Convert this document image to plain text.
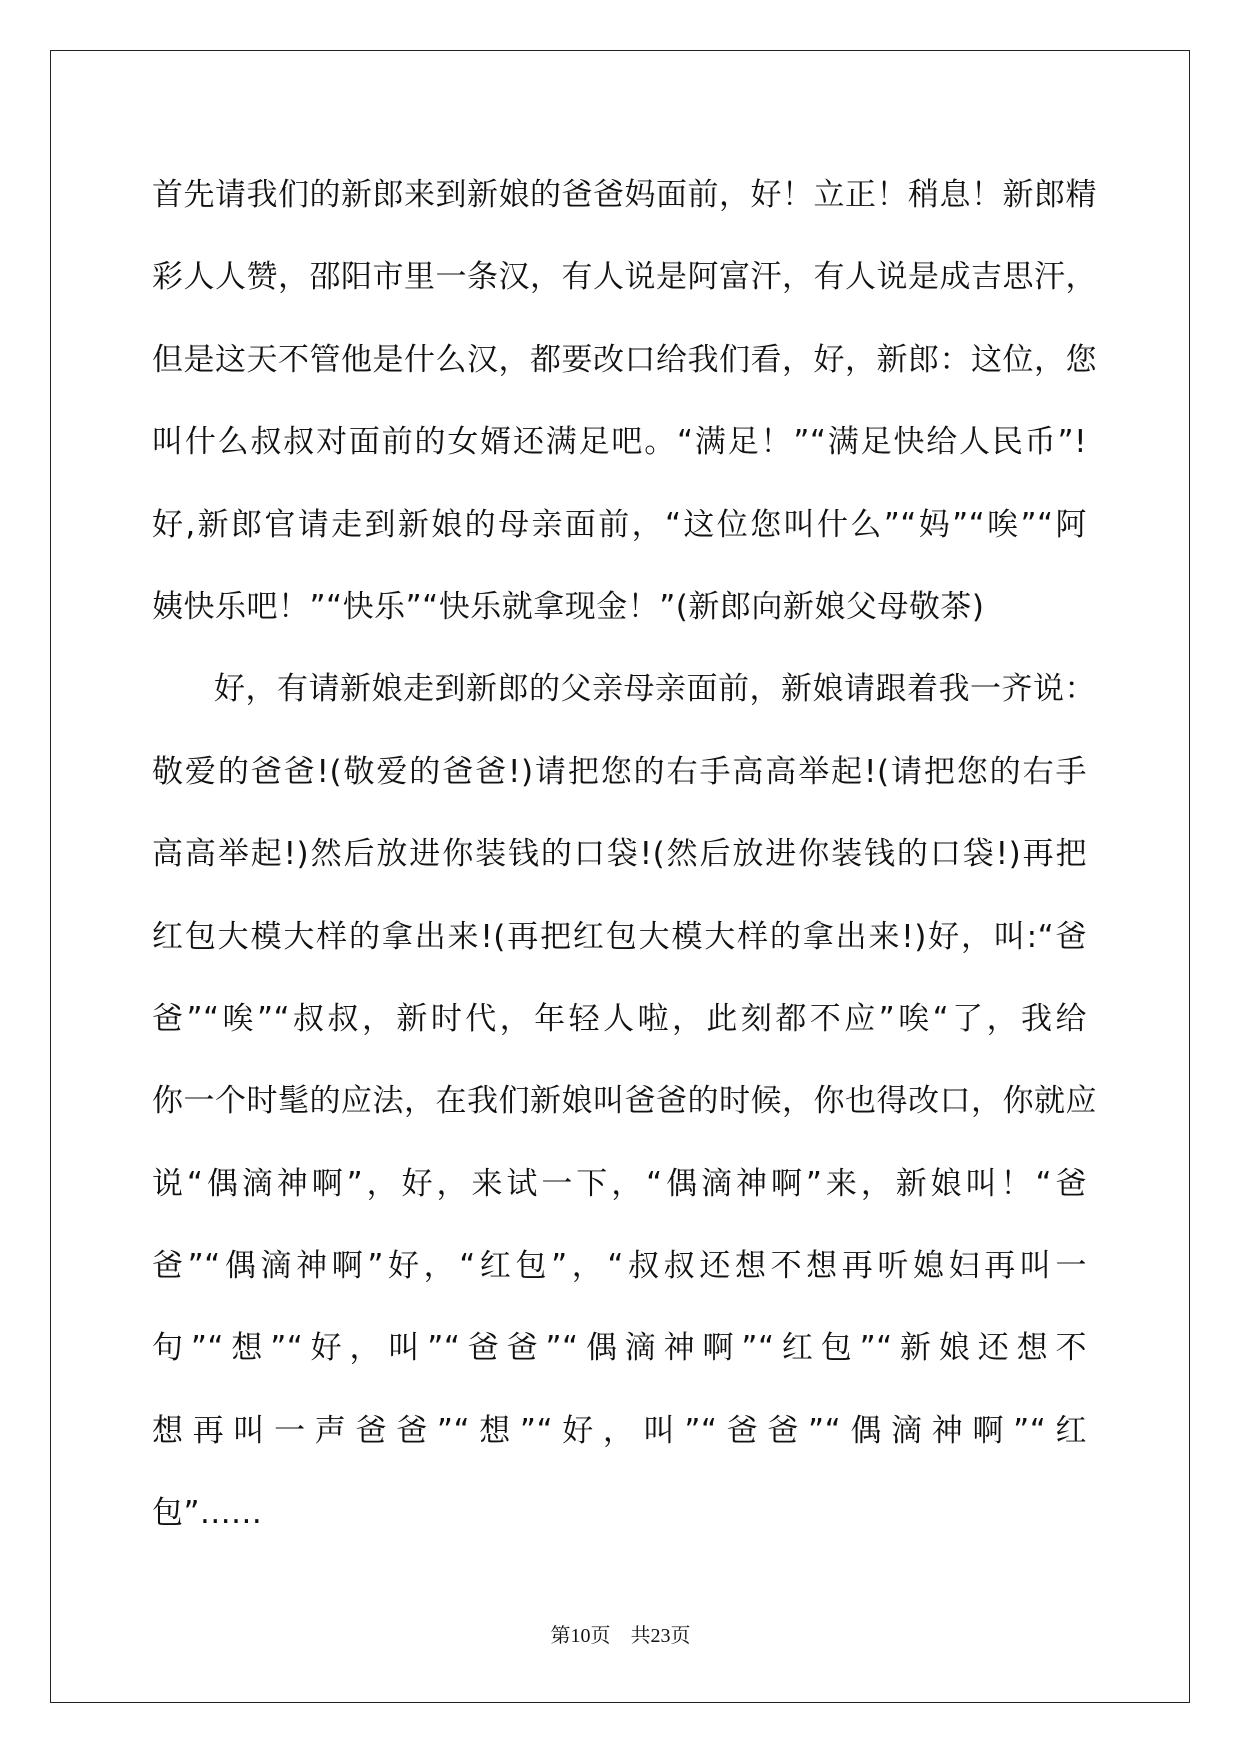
首先请我们的新郎来到新娘的爸爸妈面前，好！立正！稍息！新郎精
彩人人赞，邵阳市里一条汉，有人说是阿富汗，有人说是成吉思汗，
但是这天不管他是什么汉，都要改口给我们看，好，新郎：这位，您
叫什么叔叔对面前的女婿还满足吧。“满足！”“满足快给人民币”!
好,新郎官请走到新娘的母亲面前，“这位您叫什么”“妈”“唉”“阿
姨快乐吧！”“快乐”“快乐就拿现金！”(新郎向新娘父母敬茶)
好，有请新娘走到新郎的父亲母亲面前，新娘请跟着我一齐说：
敬爱的爸爸!(敬爱的爸爸!)请把您的右手高高举起!(请把您的右手
高高举起!)然后放进你装钱的口袋!(然后放进你装钱的口袋!)再把
红包大模大样的拿出来!(再把红包大模大样的拿出来!)好，叫:“爸
爸”“唉”“叔叔，新时代，年轻人啦，此刻都不应”唉“了，我给
你一个时髦的应法，在我们新娘叫爸爸的时候，你也得改口，你就应
说“偶滴神啊”，好，来试一下，“偶滴神啊”来，新娘叫！“爸
爸”“偶滴神啊”好，“红包”，“叔叔还想不想再听媳妇再叫一
句”“想”“好，叫”“爸爸”“偶滴神啊”“红包”“新娘还想不
想再叫一声爸爸”“想”“好，叫”“爸爸”“偶滴神啊”“红
包”......
第10页　共23页
